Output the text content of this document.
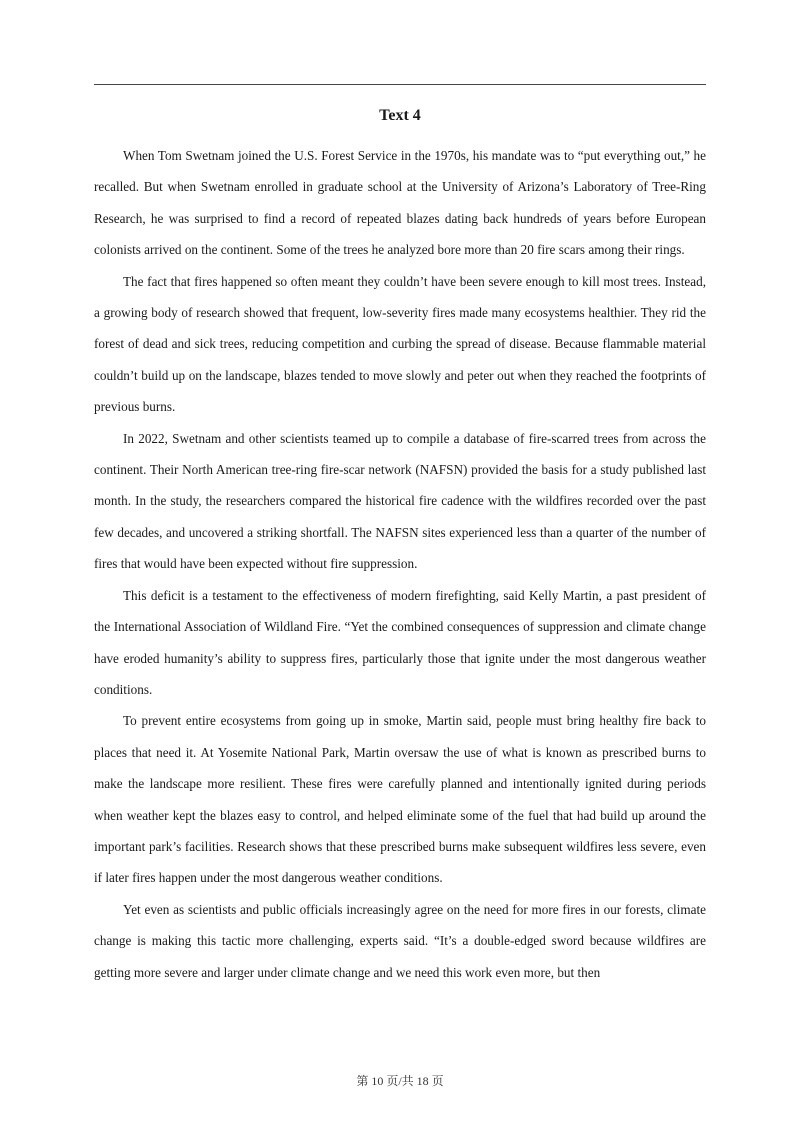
Text 4

When Tom Swetnam joined the U.S. Forest Service in the 1970s, his mandate was to “put everything out,” he recalled. But when Swetnam enrolled in graduate school at the University of Arizona’s Laboratory of Tree-Ring Research, he was surprised to find a record of repeated blazes dating back hundreds of years before European colonists arrived on the continent. Some of the trees he analyzed bore more than 20 fire scars among their rings.

The fact that fires happened so often meant they couldn’t have been severe enough to kill most trees. Instead, a growing body of research showed that frequent, low-severity fires made many ecosystems healthier. They rid the forest of dead and sick trees, reducing competition and curbing the spread of disease. Because flammable material couldn’t build up on the landscape, blazes tended to move slowly and peter out when they reached the footprints of previous burns.

In 2022, Swetnam and other scientists teamed up to compile a database of fire-scarred trees from across the continent. Their North American tree-ring fire-scar network (NAFSN) provided the basis for a study published last month. In the study, the researchers compared the historical fire cadence with the wildfires recorded over the past few decades, and uncovered a striking shortfall. The NAFSN sites experienced less than a quarter of the number of fires that would have been expected without fire suppression.

This deficit is a testament to the effectiveness of modern firefighting, said Kelly Martin, a past president of the International Association of Wildland Fire. “Yet the combined consequences of suppression and climate change have eroded humanity’s ability to suppress fires, particularly those that ignite under the most dangerous weather conditions.

To prevent entire ecosystems from going up in smoke, Martin said, people must bring healthy fire back to places that need it. At Yosemite National Park, Martin oversaw the use of what is known as prescribed burns to make the landscape more resilient. These fires were carefully planned and intentionally ignited during periods when weather kept the blazes easy to control, and helped eliminate some of the fuel that had build up around the important park’s facilities. Research shows that these prescribed burns make subsequent wildfires less severe, even if later fires happen under the most dangerous weather conditions.

Yet even as scientists and public officials increasingly agree on the need for more fires in our forests, climate change is making this tactic more challenging, experts said. “It’s a double-edged sword because wildfires are getting more severe and larger under climate change and we need this work even more, but then

第 10 页/共 18 页
